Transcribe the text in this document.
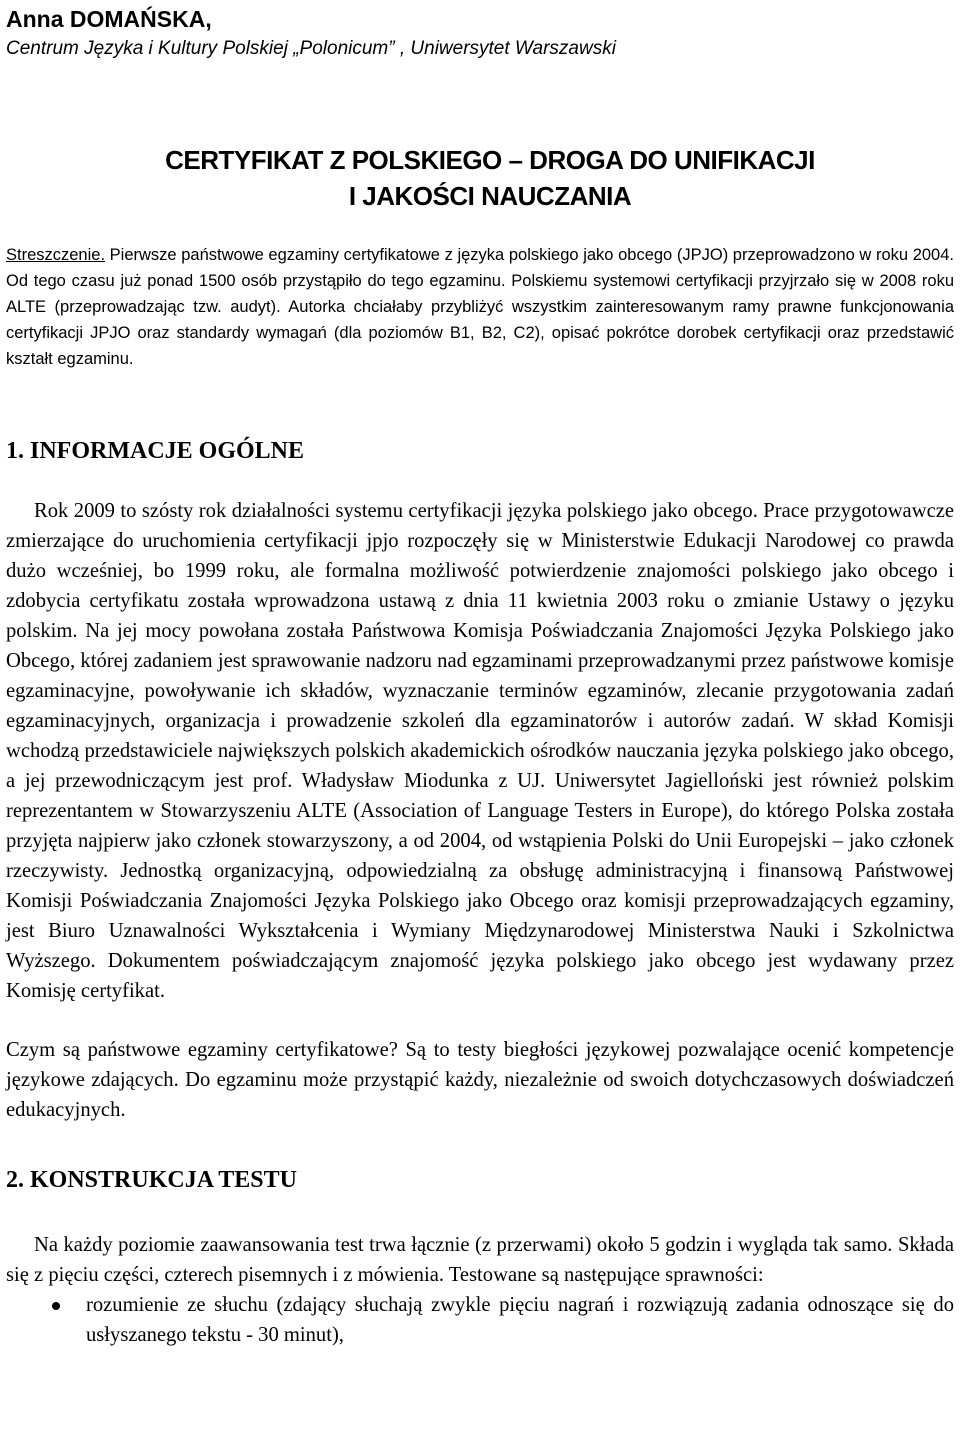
Anna DOMAŃSKA,

Centrum Języka i Kultury Polskiej „Polonicum” , Uniwersytet Warszawski

CERTYFIKAT Z POLSKIEGO – DROGA DO UNIFIKACJI
I JAKOŚCI NAUCZANIA

Streszczenie. Pierwsze państwowe egzaminy certyfikatowe z języka polskiego jako obcego (JPJO) przeprowadzono w roku 2004. Od tego czasu już ponad 1500 osób przystąpiło do tego egzaminu. Polskiemu systemowi certyfikacji przyjrzało się w 2008 roku ALTE (przeprowadzając tzw. audyt). Autorka chciałaby przybliżyć wszystkim zainteresowanym ramy prawne funkcjonowania certyfikacji JPJO oraz standardy wymagań (dla poziomów B1, B2, C2), opisać pokrótce dorobek certyfikacji oraz przedstawić kształt egzaminu.

1. INFORMACJE OGÓLNE

Rok 2009 to szósty rok działalności systemu certyfikacji języka polskiego jako obcego. Prace przygotowawcze zmierzające do uruchomienia certyfikacji jpjo rozpoczęły się w Ministerstwie Edukacji Narodowej co prawda dużo wcześniej, bo 1999 roku, ale formalna możliwość potwierdzenie znajomości polskiego jako obcego i zdobycia certyfikatu została wprowadzona ustawą z dnia 11 kwietnia 2003 roku o zmianie Ustawy o języku polskim. Na jej mocy powołana została Państwowa Komisja Poświadczania Znajomości Języka Polskiego jako Obcego, której zadaniem jest sprawowanie nadzoru nad egzaminami przeprowadzanymi przez państwowe komisje egzaminacyjne, powoływanie ich składów, wyznaczanie terminów egzaminów, zlecanie przygotowania zadań egzaminacyjnych, organizacja i prowadzenie szkoleń dla egzaminatorów i autorów zadań. W skład Komisji wchodzą przedstawiciele największych polskich akademickich ośrodków nauczania języka polskiego jako obcego, a jej przewodniczącym jest prof. Władysław Miodunka z UJ. Uniwersytet Jagielloński jest również polskim reprezentantem w Stowarzyszeniu ALTE (Association of Language Testers in Europe), do którego Polska została przyjęta najpierw jako członek stowarzyszony, a od 2004, od wstąpienia Polski do Unii Europejski – jako członek rzeczywisty. Jednostką organizacyjną, odpowiedzialną za obsługę administracyjną i finansową Państwowej Komisji Poświadczania Znajomości Języka Polskiego jako Obcego oraz komisji przeprowadzających egzaminy, jest Biuro Uznawalności Wykształcenia i Wymiany Międzynarodowej Ministerstwa Nauki i Szkolnictwa Wyższego. Dokumentem poświadczającym znajomość języka polskiego jako obcego jest wydawany przez Komisję certyfikat.

Czym są państwowe egzaminy certyfikatowe? Są to testy biegłości językowej pozwalające ocenić kompetencje językowe zdających. Do egzaminu może przystąpić każdy, niezależnie od swoich dotychczasowych doświadczeń edukacyjnych.

2. KONSTRUKCJA TESTU

Na każdy poziomie zaawansowania test trwa łącznie (z przerwami) około 5 godzin i wygląda tak samo. Składa się z pięciu części, czterech pisemnych i z mówienia. Testowane są następujące sprawności:

rozumienie ze słuchu (zdający słuchają zwykle pięciu nagrań i rozwiązują zadania odnoszące się do usłyszanego tekstu - 30 minut),
